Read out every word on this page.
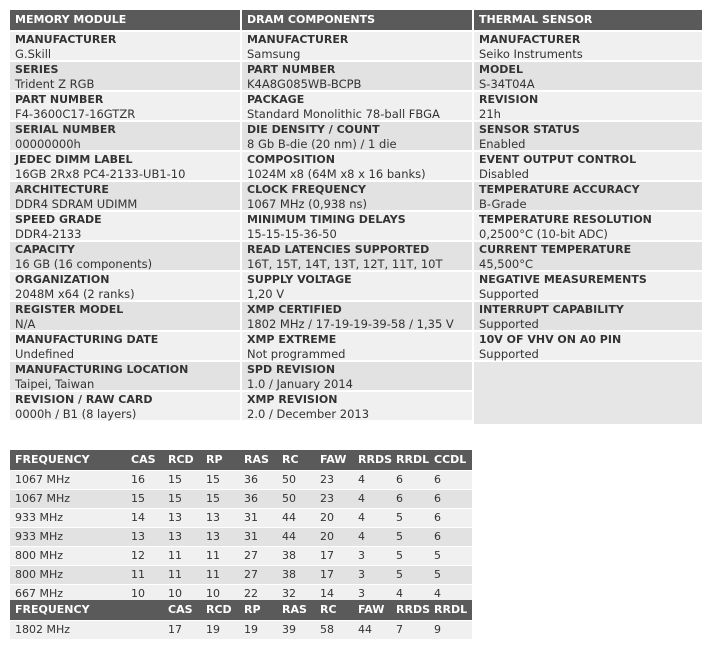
MEMORY MODULE
MANUFACTURER
G.Skill
SERIES
Trident Z RGB
PART NUMBER
F4-3600C17-16GTZR
SERIAL NUMBER
00000000h
JEDEC DIMM LABEL
16GB 2Rx8 PC4-2133-UB1-10
ARCHITECTURE
DDR4 SDRAM UDIMM
SPEED GRADE
DDR4-2133
CAPACITY
16 GB (16 components)
ORGANIZATION
2048M x64 (2 ranks)
REGISTER MODEL
N/A
MANUFACTURING DATE
Undefined
MANUFACTURING LOCATION
Taipei, Taiwan
REVISION / RAW CARD
0000h / B1 (8 layers)
DRAM COMPONENTS
MANUFACTURER
Samsung
PART NUMBER
K4A8G085WB-BCPB
PACKAGE
Standard Monolithic 78-ball FBGA
DIE DENSITY / COUNT
8 Gb B-die (20 nm) / 1 die
COMPOSITION
1024M x8 (64M x8 x 16 banks)
CLOCK FREQUENCY
1067 MHz (0,938 ns)
MINIMUM TIMING DELAYS
15-15-15-36-50
READ LATENCIES SUPPORTED
16T, 15T, 14T, 13T, 12T, 11T, 10T
SUPPLY VOLTAGE
1,20 V
XMP CERTIFIED
1802 MHz / 17-19-19-39-58 / 1,35 V
XMP EXTREME
Not programmed
SPD REVISION
1.0 / January 2014
XMP REVISION
2.0 / December 2013
THERMAL SENSOR
MANUFACTURER
Seiko Instruments
MODEL
S-34T04A
REVISION
21h
SENSOR STATUS
Enabled
EVENT OUTPUT CONTROL
Disabled
TEMPERATURE ACCURACY
B-Grade
TEMPERATURE RESOLUTION
0,2500°C (10-bit ADC)
CURRENT TEMPERATURE
45,500°C
NEGATIVE MEASUREMENTS
Supported
INTERRUPT CAPABILITY
Supported
10V OF VHV ON A0 PIN
Supported
FREQUENCY	CAS RCD RP RAS RC FAW RRDS RRDL CCDL
1067 MHz	16 15 15 36 50 23 4	6	6
1067 MHz	15 15 15 36 50 23 4	6	6
933 MHz	14 13 13 31 44 20 4	5	6
933 MHz	13 13 13 31 44 20 4	5	6
800 MHz	12 11 11 27 38 17 3	5	5
800 MHz	11 11 11 27 38 17 3	5	5
667 MHz	10 10 10 22 32 14 3	4	4
FREQUENCY	CAS RCD RP RAS RC FAW RRDS RRDL
1802 MHz	17 19 19 39 58 44 7	9
